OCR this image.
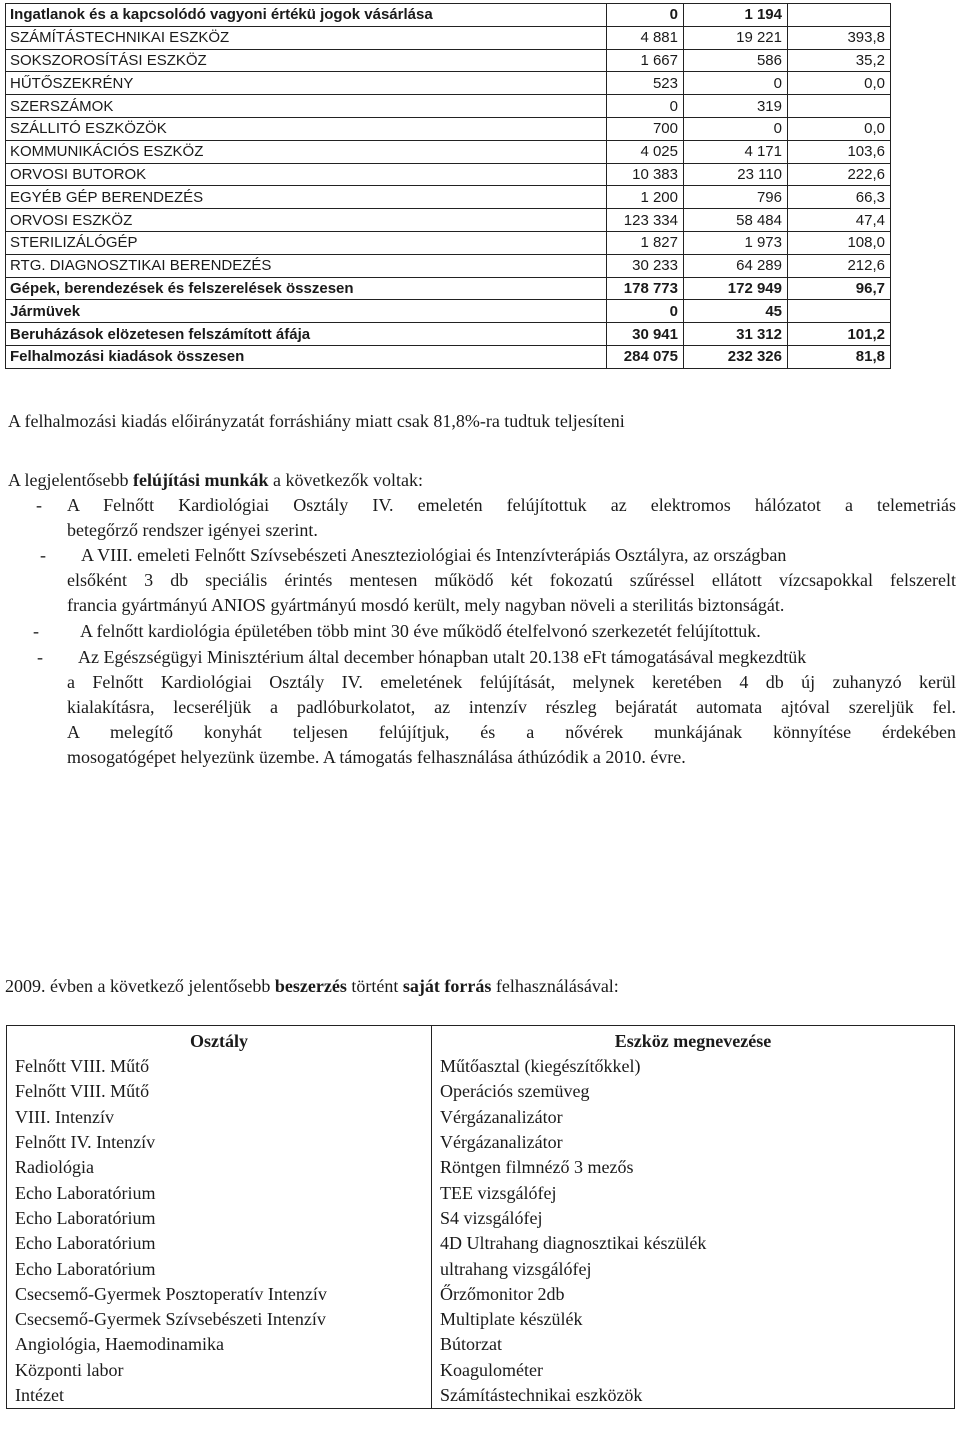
Ingatlanok és a kapcsolódó vagyoni értékü jogok vásárlása	0	1 194	
SZÁMÍTÁSTECHNIKAI ESZKÖZ	4 881	19 221	393,8
SOKSZOROSÍTÁSI ESZKÖZ	1 667	586	35,2
HŰTŐSZEKRÉNY	523	0	0,0
SZERSZÁMOK	0	319	
SZÁLLITÓ ESZKÖZÖK	700	0	0,0
KOMMUNIKÁCIÓS ESZKÖZ	4 025	4 171	103,6
ORVOSI BUTOROK	10 383	23 110	222,6
EGYÉB GÉP BERENDEZÉS	1 200	796	66,3
ORVOSI ESZKÖZ	123 334	58 484	47,4
STERILIZÁLÓGÉP	1 827	1 973	108,0
RTG. DIAGNOSZTIKAI BERENDEZÉS	30 233	64 289	212,6
Gépek, berendezések és felszerelések összesen	178 773	172 949	96,7
Jármüvek	0	45	
Beruházások elözetesen felszámított áfája	30 941	31 312	101,2
Felhalmozási kiadások összesen	284 075	232 326	81,8
A felhalmozási kiadás előirányzatát forráshiány miatt csak 81,8%-ra tudtuk teljesíteni
A legjelentősebb felújítási munkák a következők voltak:
- A Felnőtt Kardiológiai Osztály IV. emeletén felújítottuk az elektromos hálózatot a telemetriás
betegőrző rendszer igényei szerint.
-	A VIII. emeleti Felnőtt Szívsebészeti Aneszteziológiai és Intenzívterápiás Osztályra, az országban
elsőként 3 db speciális érintés mentesen működő két fokozatú szűréssel ellátott vízcsapokkal felszerelt
francia gyártmányú ANIOS gyártmányú mosdó került, mely nagyban növeli a sterilitás biztonságát.
- A felnőtt kardiológia épületében több mint 30 éve működő ételfelvonó szerkezetét felújítottuk.
- Az Egészségügyi Minisztérium által december hónapban utalt 20.138 eFt támogatásával megkezdtük
a Felnőtt Kardiológiai Osztály IV. emeletének felújítását, melynek keretében 4 db új zuhanyzó kerül
kialakításra, lecseréljük a padlóburkolatot, az intenzív részleg bejáratát automata ajtóval szereljük fel.
A melegítő konyhát teljesen felújítjuk, és a nővérek munkájának könnyítése érdekében
mosogatógépet helyezünk üzembe. A támogatás felhasználása áthúzódik a 2010. évre.
2009. évben a következő jelentősebb beszerzés történt saját forrás felhasználásával:
Osztály	Eszköz megnevezése
Felnőtt VIII. Műtő	Műtőasztal (kiegészítőkkel)
Felnőtt VIII. Műtő	Operációs szemüveg
VIII. Intenzív	Vérgázanalizátor
Felnőtt IV. Intenzív	Vérgázanalizátor
Radiológia	Röntgen filmnéző 3 mezős
Echo Laboratórium	TEE vizsgálófej
Echo Laboratórium	S4 vizsgálófej
Echo Laboratórium	4D Ultrahang diagnosztikai készülék
Echo Laboratórium	ultrahang vizsgálófej
Csecsemő-Gyermek Posztoperatív Intenzív	Őrzőmonitor 2db
Csecsemő-Gyermek Szívsebészeti Intenzív	Multiplate készülék
Angiológia, Haemodinamika	Bútorzat
Központi labor	Koagulométer
Intézet	Számítástechnikai eszközök
